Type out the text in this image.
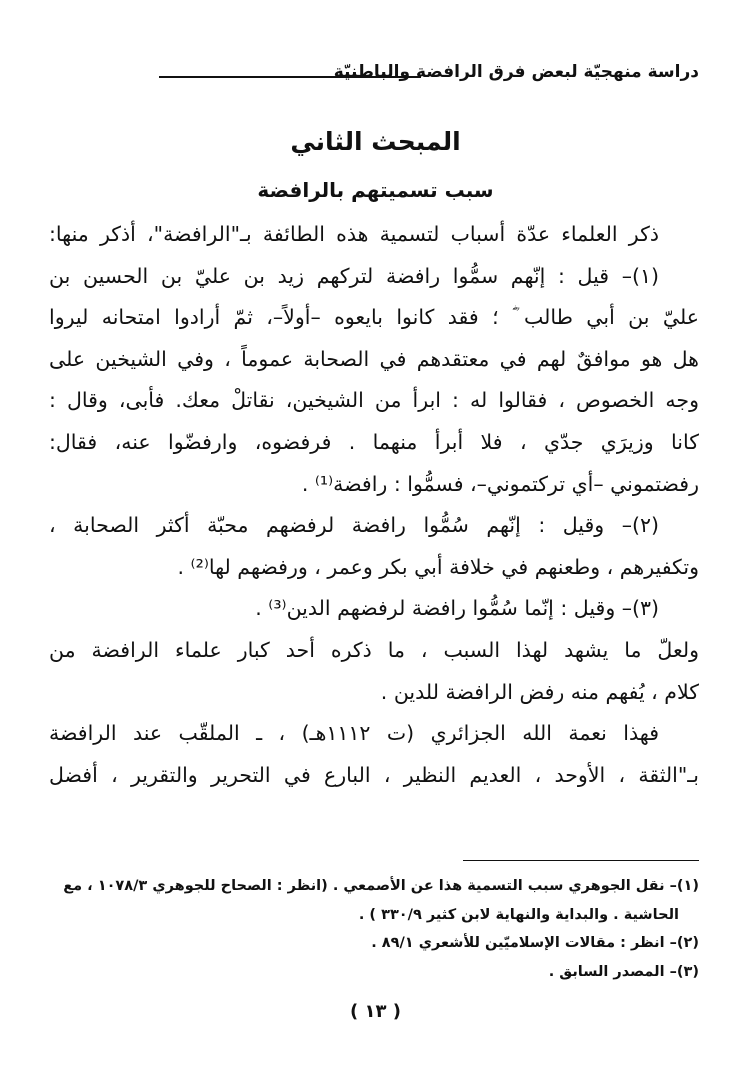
دراسة منهجيّة لبعض فرق الرافضة والباطنيّة
المبحث الثاني
سبب تسميتهم بالرافضة
ذكر العلماء عدّة أسباب لتسمية هذه الطائفة بـ"الرافضة"، أذكر منها:
(١)– قيل : إنّهم سمُّوا رافضة لتركهم زيد بن عليّ بن الحسين بن
عليّ بن أبي طالب ؓ ؛ فقد كانوا بايعوه –أولاً–، ثمّ أرادوا امتحانه ليروا
هل هو موافقٌ لهم في معتقدهم في الصحابة عموماً ، وفي الشيخين على
وجه الخصوص ، فقالوا له : ابرأ من الشيخين، نقاتلْ معك. فأبى، وقال :
كانا وزيرَي جدّي ، فلا أبرأ منهما . فرفضوه، وارفضّوا عنه، فقال:
رفضتموني –أي تركتموني–، فسمُّوا : رافضة⁽¹⁾ .
(٢)– وقيل : إنّهم سُمُّوا رافضة لرفضهم محبّة أكثر الصحابة ،
وتكفيرهم ، وطعنهم في خلافة أبي بكر وعمر ، ورفضهم لها⁽²⁾ .
(٣)– وقيل : إنّما سُمُّوا رافضة لرفضهم الدين⁽³⁾ .
ولعلّ ما يشهد لهذا السبب ، ما ذكره أحد كبار علماء الرافضة من
كلام ، يُفهم منه رفض الرافضة للدين .
فهذا نعمة الله الجزائري (ت ١١١٢هـ) ، ـ الملقّب عند الرافضة
بـ"الثقة ، الأوحد ، العديم النظير ، البارع في التحرير والتقرير ، أفضل
(١)– نقل الجوهري سبب التسمية هذا عن الأصمعي . (انظر : الصحاح للجوهري ١٠٧٨/٣ ، مع
الحاشية . والبداية والنهاية لابن كثير ٣٣٠/٩ ) .
(٢)– انظر : مقالات الإسلاميّين للأشعري ٨٩/١ .
(٣)– المصدر السابق .
( ١٣ )
